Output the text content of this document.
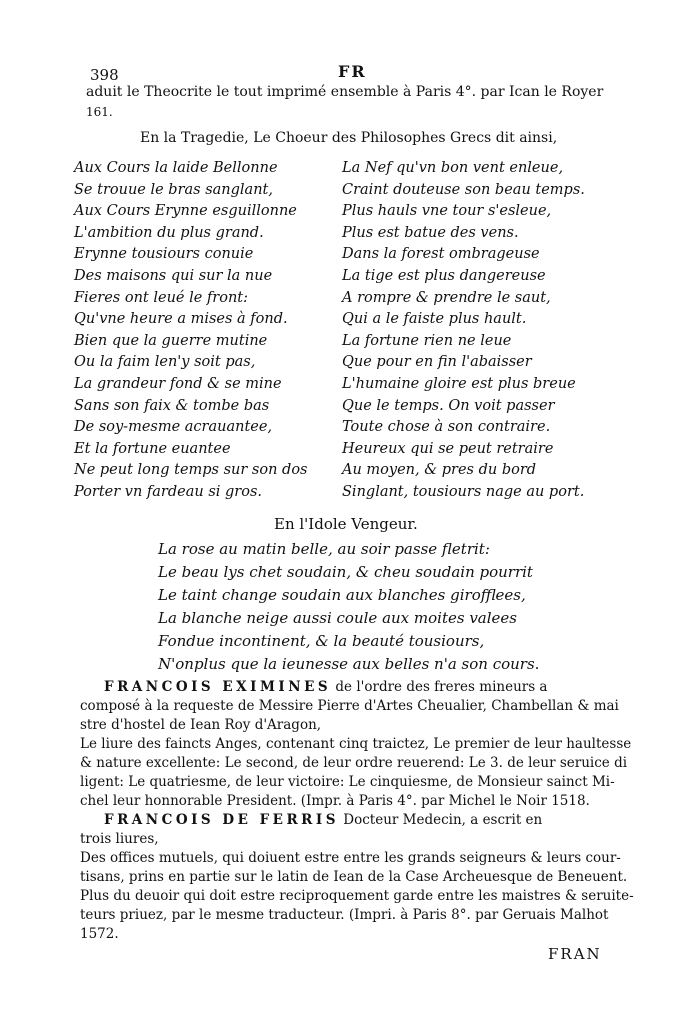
398	FR
aduit le Theocrite le tout imprimé ensemble à Paris 4°. par Ican le Royer
161.
En la Tragedie, Le Choeur des Philosophes Grecs dit ainsi,
Aux Cours la laide Bellonne
Se trouue le bras sanglant,
Aux Cours Erynne esguillonne
L'ambition du plus grand.
Erynne tousiours conuie
Des maisons qui sur la nue
Fieres ont leué le front:
Qu'vne heure a mises à fond.
Bien que la guerre mutine
Ou la faim len'y soit pas,
La grandeur fond & se mine
Sans son faix & tombe bas
De soy-mesme acrauantee,
Et la fortune euantee
Ne peut long temps sur son dos
Porter vn fardeau si gros.
La Nef qu'vn bon vent enleue,
Craint douteuse son beau temps.
Plus hauls vne tour s'esleue,
Plus est batue des vens.
Dans la forest ombrageuse
La tige est plus dangereuse
A rompre & prendre le saut,
Qui a le faiste plus hault.
La fortune rien ne leue
Que pour en fin l'abaisser
L'humaine gloire est plus breue
Que le temps. On voit passer
Toute chose à son contraire.
Heureux qui se peut retraire
Au moyen, & pres du bord
Singlant, tousiours nage au port.
En l'Idole Vengeur.
La rose au matin belle, au soir passe fletrit:
Le beau lys chet soudain, & cheu soudain pourrit
Le taint change soudain aux blanches girofflees,
La blanche neige aussi coule aux moites valees
Fondue incontinent, & la beauté tousiours,
N'onplus que la ieunesse aux belles n'a son cours.
FRANCOIS EXIMINES de l'ordre des freres mineurs a
composé à la requeste de Messire Pierre d'Artes Cheualier, Chambellan & mai
stre d'hostel de Iean Roy d'Aragon,
Le liure des faincts Anges, contenant cinq traictez, Le premier de leur haultesse
& nature excellente: Le second, de leur ordre reuerend: Le 3. de leur seruice di
ligent: Le quatriesme, de leur victoire: Le cinquiesme, de Monsieur sainct Mi-
chel leur honnorable President. (Impr. à Paris 4°. par Michel le Noir 1518.
FRANCOIS DE FERRIS Docteur Medecin, a escrit en
trois liures,
Des offices mutuels, qui doiuent estre entre les grands seigneurs & leurs cour-
tisans, prins en partie sur le latin de Iean de la Case Archeuesque de Beneuent.
Plus du deuoir qui doit estre reciproquement garde entre les maistres & seruite-
teurs priuez, par le mesme traducteur. (Impri. à Paris 8°. par Geruais Malhot
1572.
FRAN
